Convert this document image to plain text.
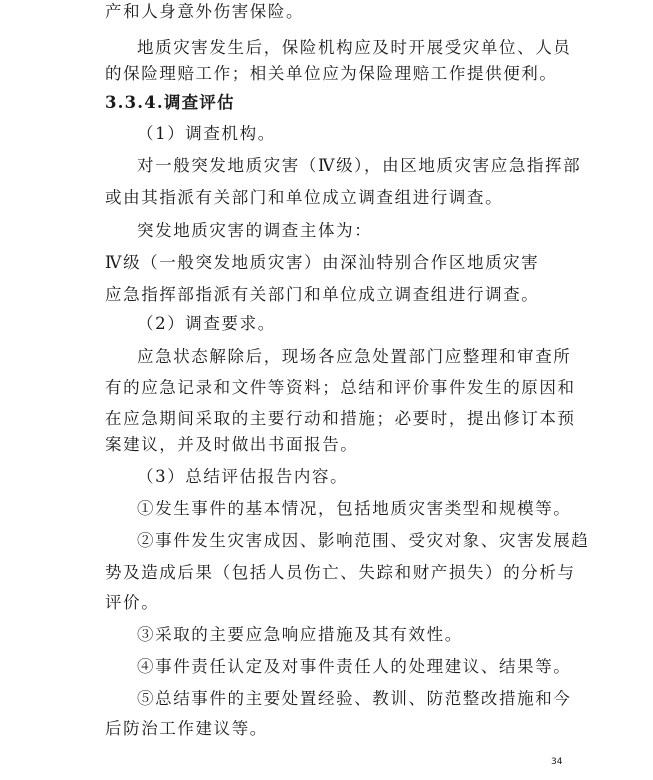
产和人身意外伤害保险。
地质灾害发生后，保险机构应及时开展受灾单位、人员
的保险理赔工作；相关单位应为保险理赔工作提供便利。
3.3.4.调查评估
（1）调查机构。
对一般突发地质灾害（Ⅳ级），由区地质灾害应急指挥部
或由其指派有关部门和单位成立调查组进行调查。
突发地质灾害的调查主体为：
Ⅳ级（一般突发地质灾害）由深汕特别合作区地质灾害
应急指挥部指派有关部门和单位成立调查组进行调查。
（2）调查要求。
应急状态解除后，现场各应急处置部门应整理和审查所
有的应急记录和文件等资料；总结和评价事件发生的原因和
在应急期间采取的主要行动和措施；必要时，提出修订本预
案建议，并及时做出书面报告。
（3）总结评估报告内容。
①发生事件的基本情况，包括地质灾害类型和规模等。
②事件发生灾害成因、影响范围、受灾对象、灾害发展趋
势及造成后果（包括人员伤亡、失踪和财产损失）的分析与
评价。
③采取的主要应急响应措施及其有效性。
④事件责任认定及对事件责任人的处理建议、结果等。
⑤总结事件的主要处置经验、教训、防范整改措施和今
后防治工作建议等。
34
